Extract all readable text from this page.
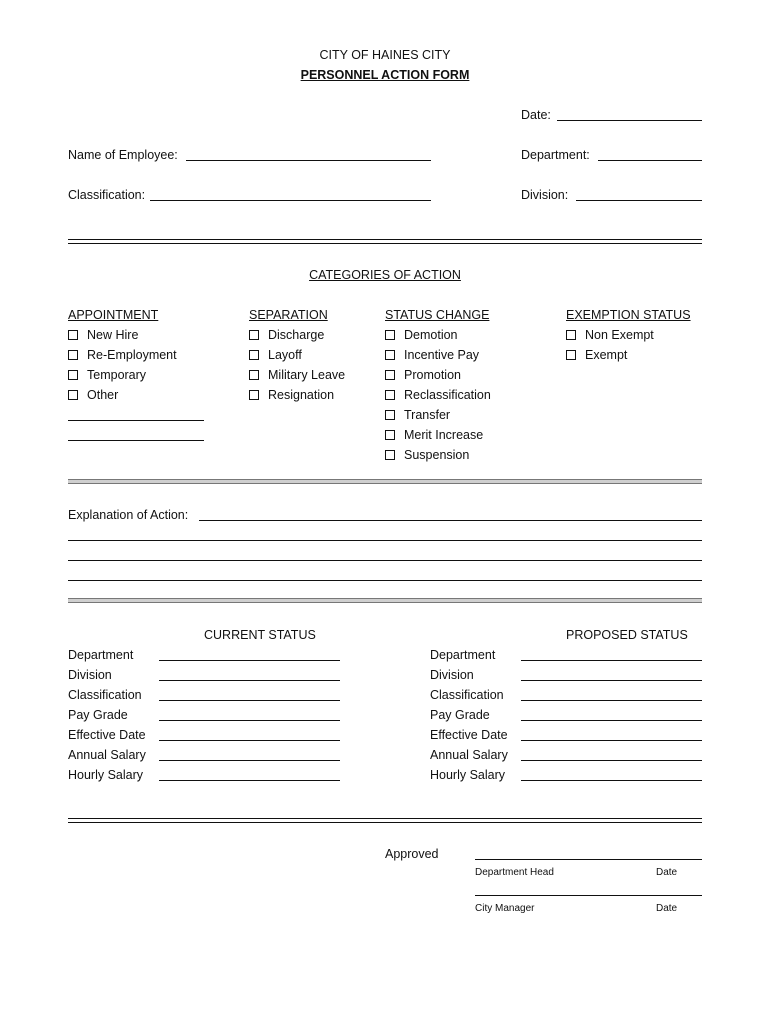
CITY OF HAINES CITY
PERSONNEL ACTION FORM
Date:
Name of Employee:	Department:
Classification:	Division:
CATEGORIES OF ACTION
APPOINTMENT
New Hire
Re-Employment
Temporary
Other
SEPARATION
Discharge
Layoff
Military Leave
Resignation
STATUS CHANGE
Demotion
Incentive Pay
Promotion
Reclassification
Transfer
Merit Increase
Suspension
EXEMPTION STATUS
Non Exempt
Exempt
Explanation of Action:
CURRENT STATUS
Department
Division
Classification
Pay Grade
Effective Date
Annual Salary
Hourly Salary
PROPOSED STATUS
Department
Division
Classification
Pay Grade
Effective Date
Annual Salary
Hourly Salary
Approved
Department Head	Date
City Manager	Date
